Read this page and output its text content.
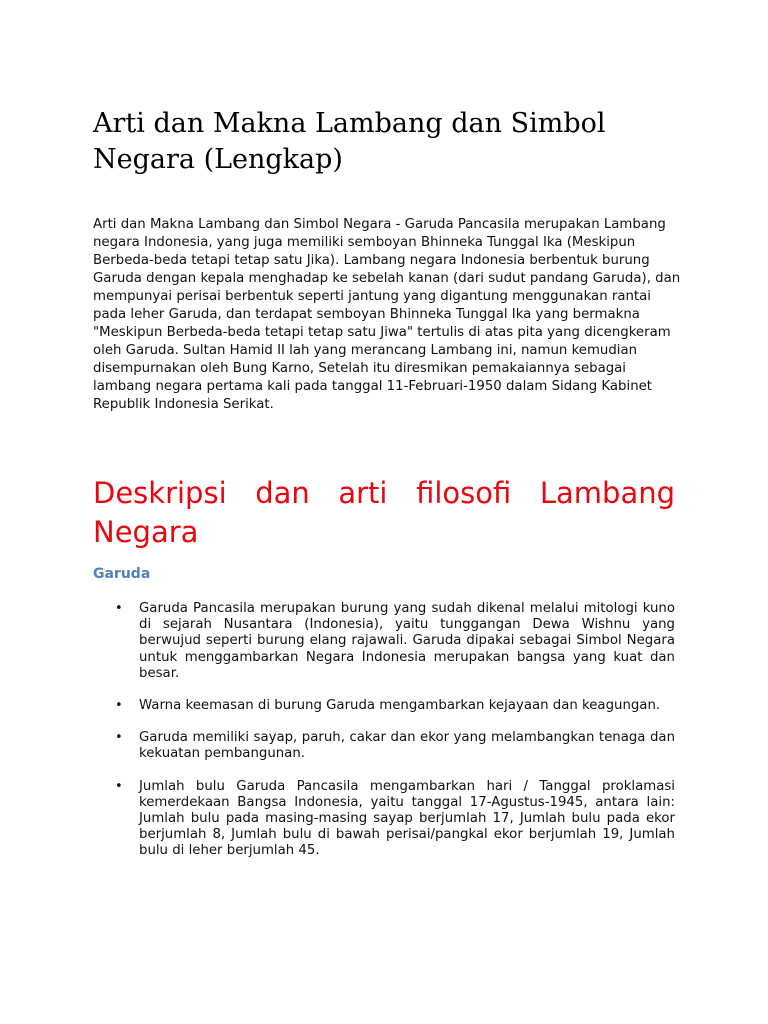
Arti dan Makna Lambang dan Simbol Negara (Lengkap)

Arti dan Makna Lambang dan Simbol Negara - Garuda Pancasila merupakan Lambang negara Indonesia, yang juga memiliki semboyan Bhinneka Tunggal Ika (Meskipun Berbeda-beda tetapi tetap satu Jika). Lambang negara Indonesia berbentuk burung Garuda dengan kepala menghadap ke sebelah kanan (dari sudut pandang Garuda), dan mempunyai perisai berbentuk seperti jantung yang digantung menggunakan rantai pada leher Garuda, dan terdapat semboyan Bhinneka Tunggal Ika yang bermakna "Meskipun Berbeda-beda tetapi tetap satu Jiwa" tertulis di atas pita yang dicengkeram oleh Garuda. Sultan Hamid II lah yang merancang Lambang ini, namun kemudian disempurnakan oleh Bung Karno, Setelah itu diresmikan pemakaiannya sebagai lambang negara pertama kali pada tanggal 11-Februari-1950 dalam Sidang Kabinet Republik Indonesia Serikat.

Deskripsi dan arti filosofi Lambang Negara
Garuda
•	Garuda Pancasila merupakan burung yang sudah dikenal melalui mitologi kuno di sejarah Nusantara (Indonesia), yaitu tunggangan Dewa Wishnu yang berwujud seperti burung elang rajawali. Garuda dipakai sebagai Simbol Negara untuk menggambarkan Negara Indonesia merupakan bangsa yang kuat dan besar.
•	Warna keemasan di burung Garuda mengambarkan kejayaan dan keagungan.
•	Garuda memiliki sayap, paruh, cakar dan ekor yang melambangkan tenaga dan kekuatan pembangunan.
•	Jumlah bulu Garuda Pancasila mengambarkan hari / Tanggal proklamasi kemerdekaan Bangsa Indonesia, yaitu tanggal 17-Agustus-1945, antara lain: Jumlah bulu pada masing-masing sayap berjumlah 17, Jumlah bulu pada ekor berjumlah 8, Jumlah bulu di bawah perisai/pangkal ekor berjumlah 19, Jumlah bulu di leher berjumlah 45.
